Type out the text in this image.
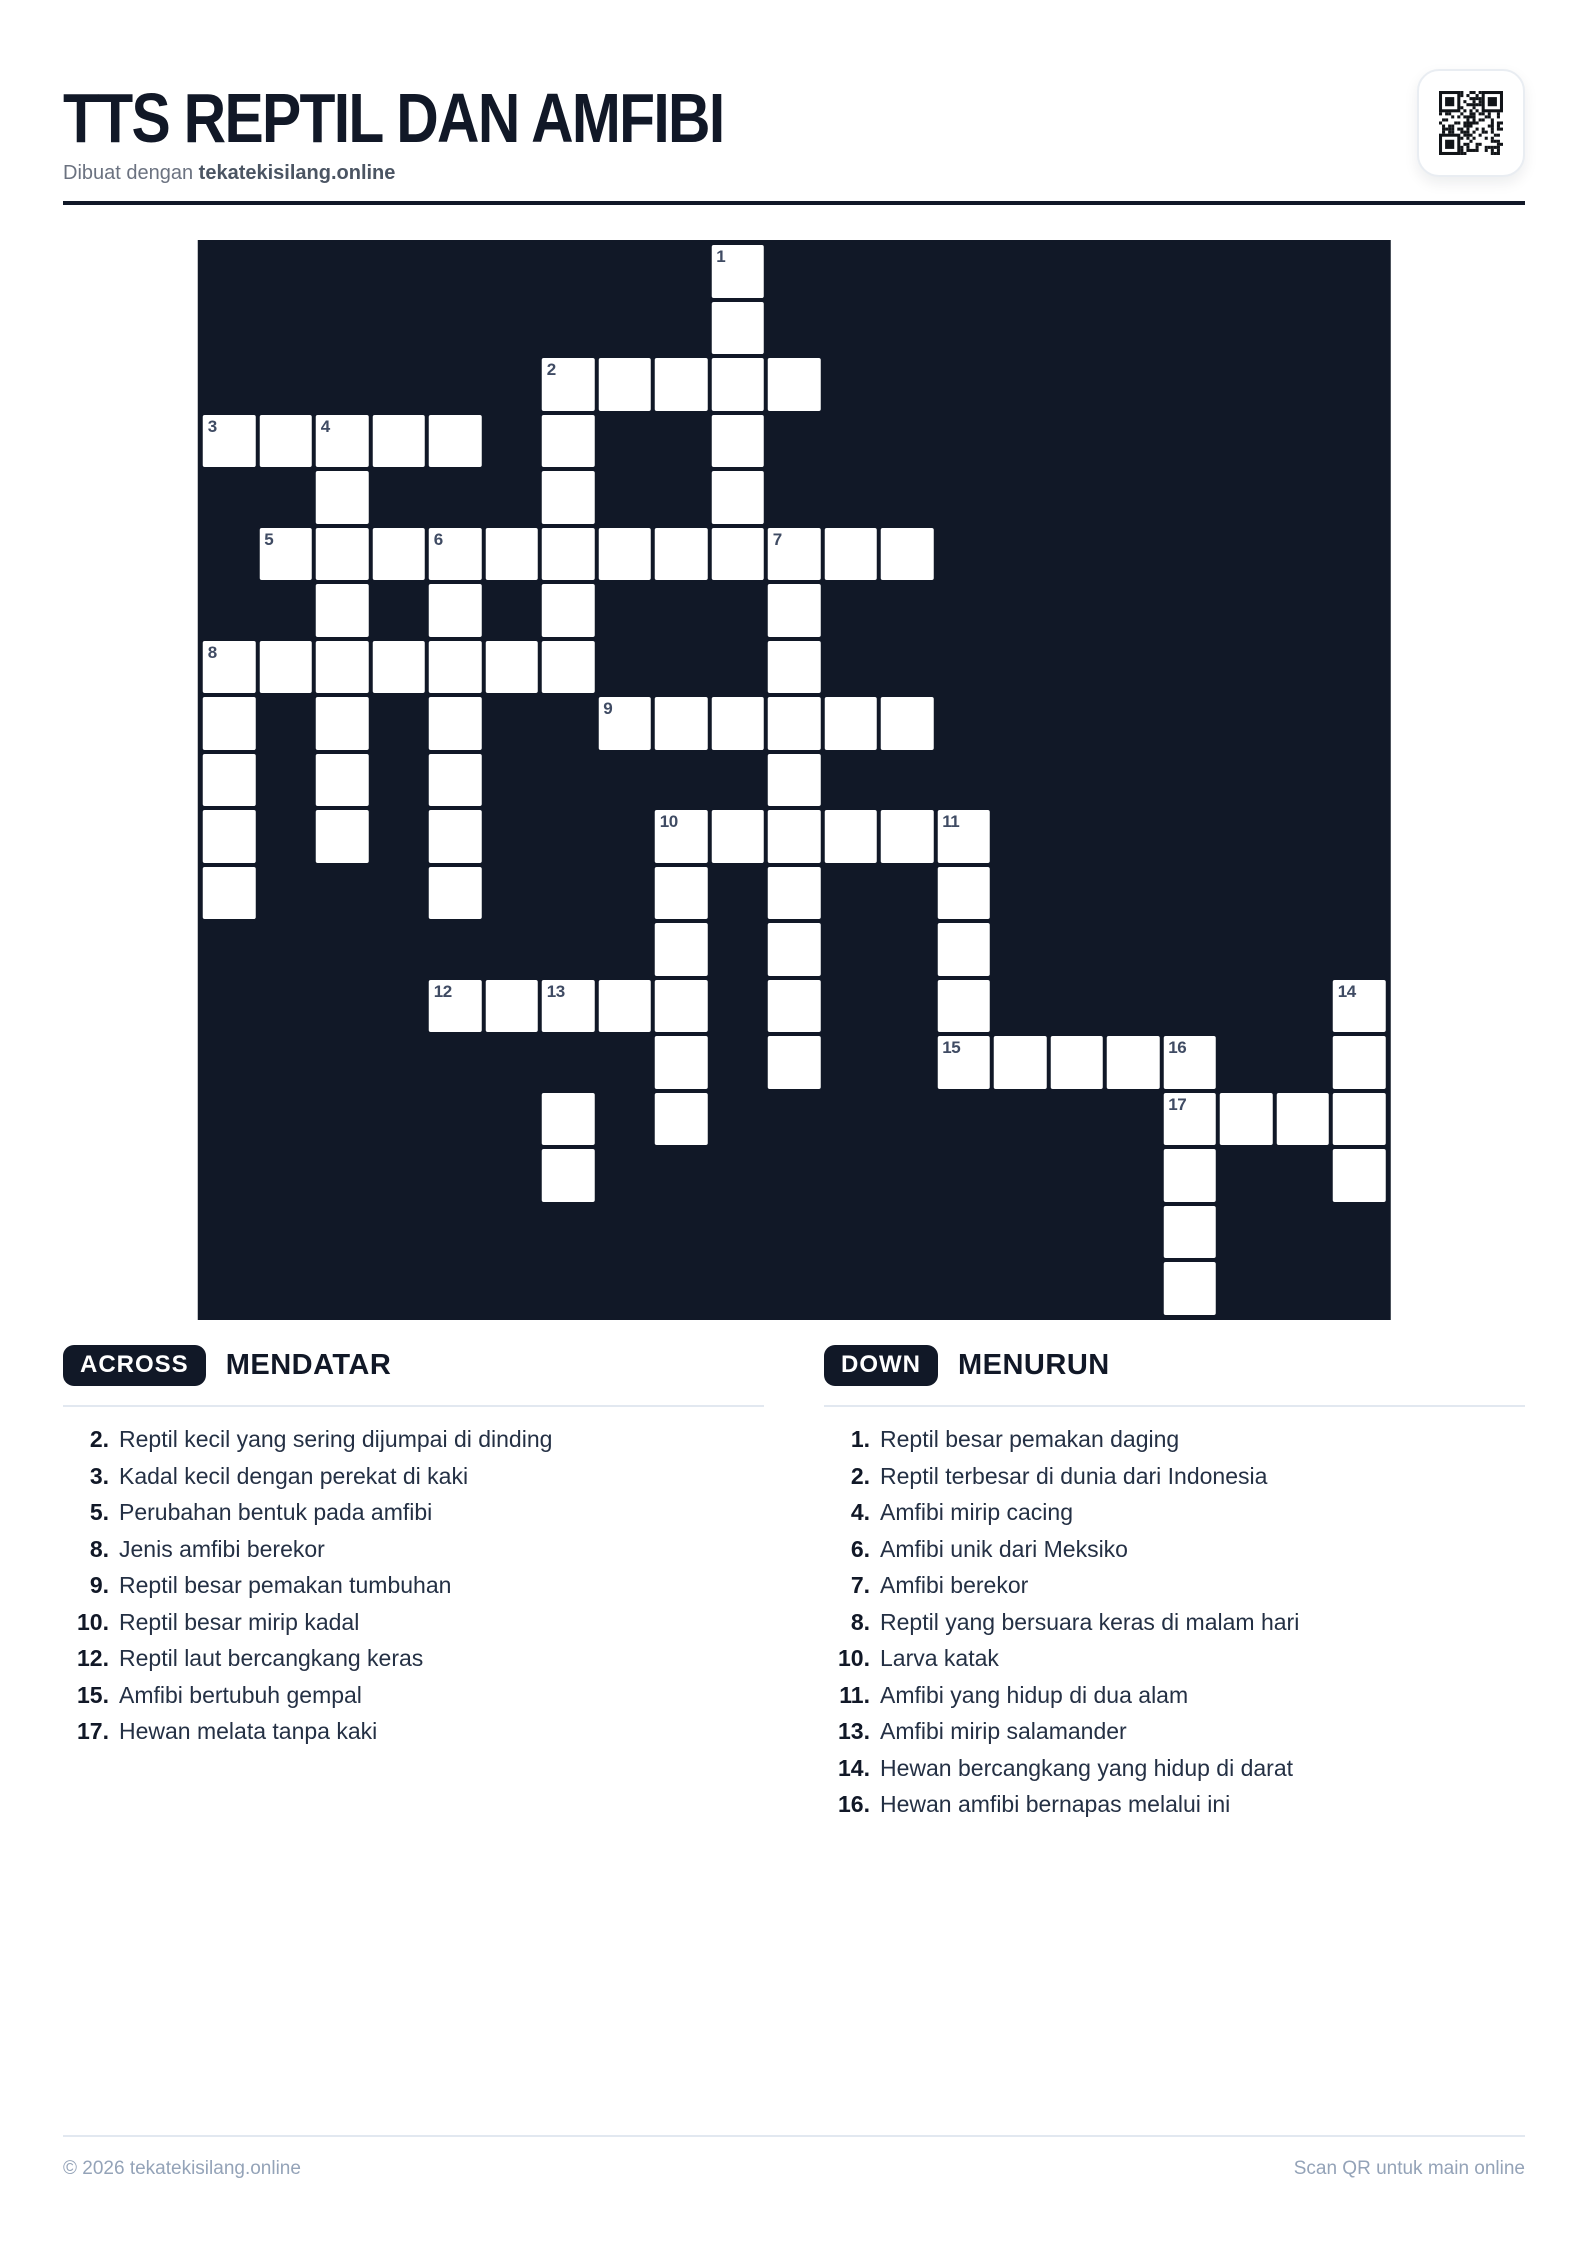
TTS REPTIL DAN AMFIBI

Dibuat dengan tekatekisilang.online

1
2
3	4
5	6	7
8
9
10	11
12	13	14
15	16
17
ACROSS	MENDATAR
2. Reptil kecil yang sering dijumpai di dinding
3. Kadal kecil dengan perekat di kaki
5. Perubahan bentuk pada amfibi
8. Jenis amfibi berekor
9. Reptil besar pemakan tumbuhan
10. Reptil besar mirip kadal
12. Reptil laut bercangkang keras
15. Amfibi bertubuh gempal
17. Hewan melata tanpa kaki
DOWN	MENURUN
1. Reptil besar pemakan daging
2. Reptil terbesar di dunia dari Indonesia
4. Amfibi mirip cacing
6. Amfibi unik dari Meksiko
7. Amfibi berekor
8. Reptil yang bersuara keras di malam hari
10. Larva katak
11. Amfibi yang hidup di dua alam
13. Amfibi mirip salamander
14. Hewan bercangkang yang hidup di darat
16. Hewan amfibi bernapas melalui ini
© 2026 tekatekisilang.online	Scan QR untuk main online
